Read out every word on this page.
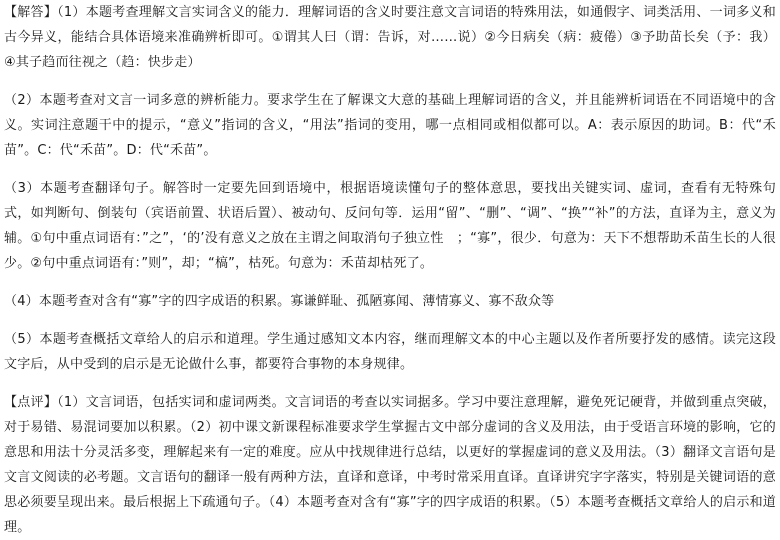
【解答】（1）本题考查理解文言实词含义的能力．理解词语的含义时要注意文言词语的特殊用法，如通假字、词类活用、一词多义和古今异义，能结合具体语境来准确辨析即可。①谓其人曰（谓：告诉，对……说）②今日病矣（病：疲倦）③予助苗长矣（予：我）④其子趋而往视之（趋：快步走）

（2）本题考查对文言一词多意的辨析能力。要求学生在了解课文大意的基础上理解词语的含义，并且能辨析词语在不同语境中的含义。实词注意题干中的提示，“意义”指词的含义，“用法”指词的变用，哪一点相同或相似都可以。A：表示原因的助词。B：代“禾苗”。C：代“禾苗”。D：代“禾苗”。

（3）本题考查翻译句子。解答时一定要先回到语境中，根据语境读懂句子的整体意思，要找出关键实词、虚词，查看有无特殊句式，如判断句、倒装句（宾语前置、状语后置）、被动句、反问句等．运用“留”、“删”、“调”、“换”“补”的方法，直译为主，意义为辅。①句中重点词语有：”之”，‘的’没有意义之放在主谓之间取消句子独立性　；“寡”，很少．句意为：天下不想帮助禾苗生长的人很少。②句中重点词语有：”则”，却；“槁”，枯死。句意为：禾苗却枯死了。

（4）本题考查对含有“寡”字的四字成语的积累。寡谦鲜耻、孤陋寡闻、薄情寡义、寡不敌众等

（5）本题考查概括文章给人的启示和道理。学生通过感知文本内容，继而理解文本的中心主题以及作者所要抒发的感情。读完这段文字后，从中受到的启示是无论做什么事，都要符合事物的本身规律。

【点评】（1）文言词语，包括实词和虚词两类。文言词语的考查以实词据多。学习中要注意理解，避免死记硬背，并做到重点突破，对于易错、易混词要加以积累。（2）初中课文新课程标准要求学生掌握古文中部分虚词的含义及用法，由于受语言环境的影响，它的意思和用法十分灵活多变，理解起来有一定的难度。应从中找规律进行总结，以更好的掌握虚词的意义及用法。（3）翻译文言语句是文言文阅读的必考题。文言语句的翻译一般有两种方法，直译和意译，中考时常采用直译。直译讲究字字落实，特别是关键词语的意思必须要呈现出来。最后根据上下疏通句子。（4）本题考查对含有“寡”字的四字成语的积累。（5）本题考查概括文章给人的启示和道理。
